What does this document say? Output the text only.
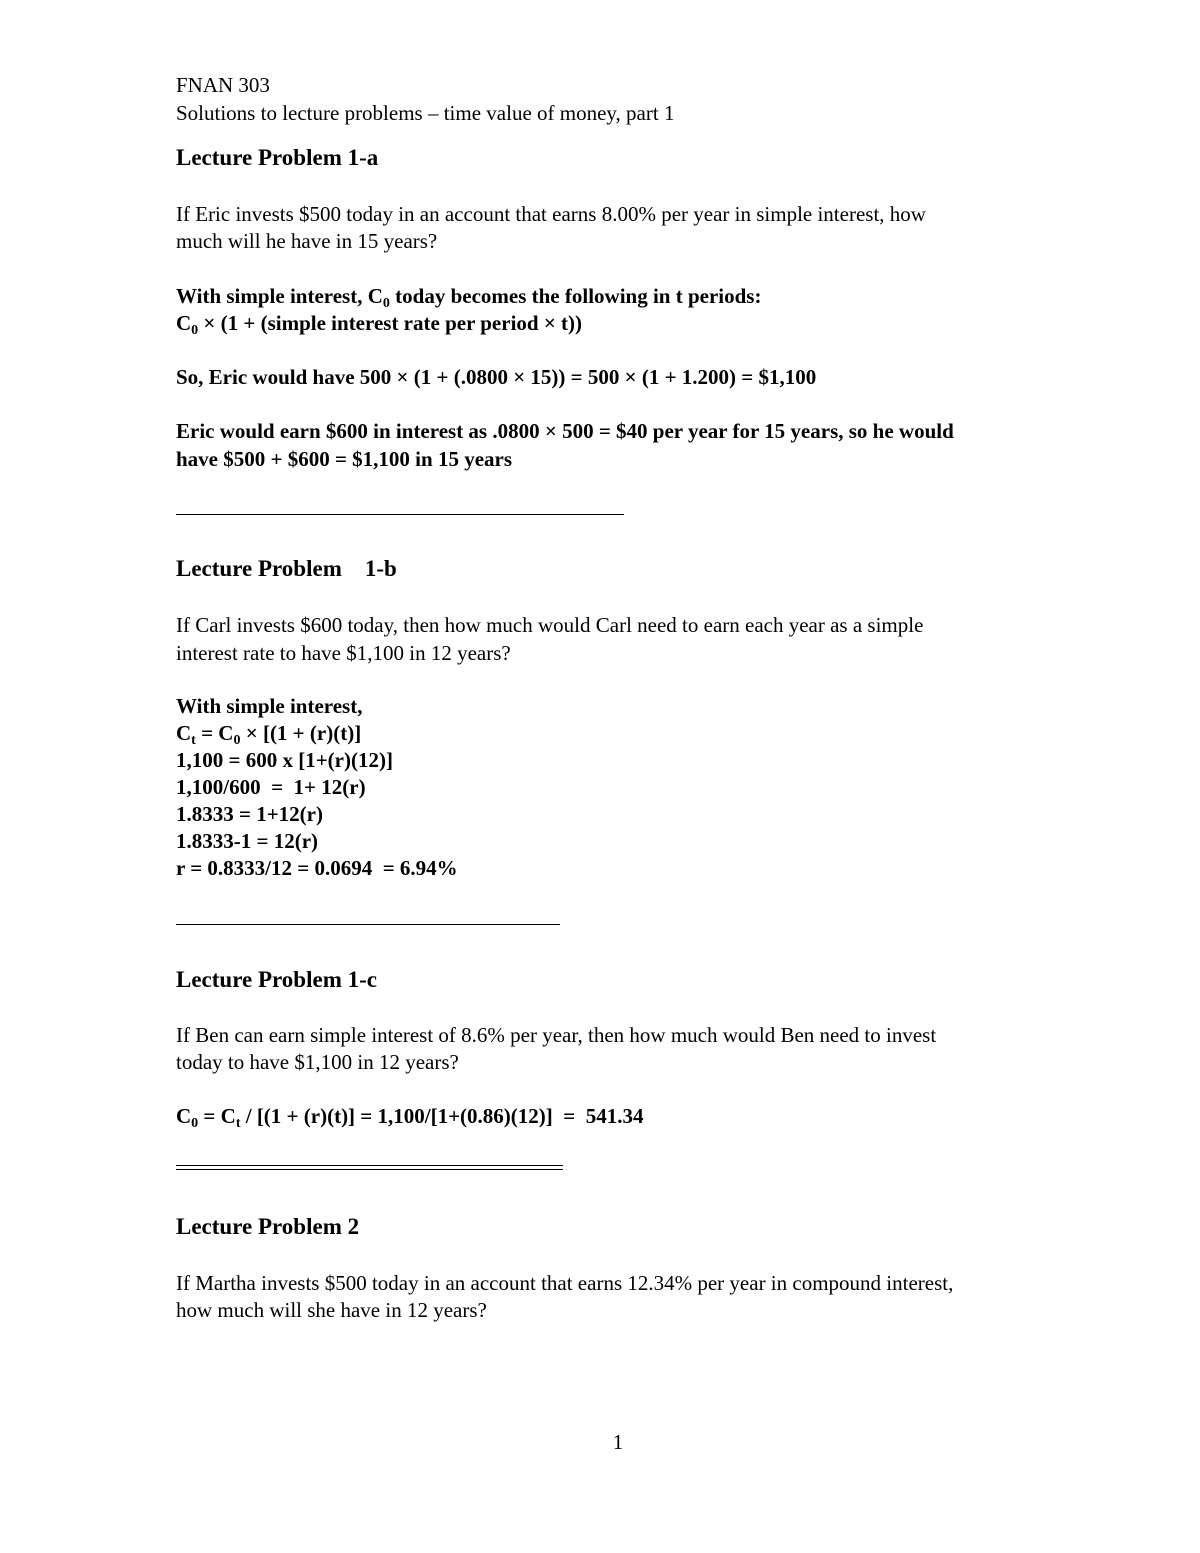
FNAN 303
Solutions to lecture problems – time value of money, part 1
Lecture Problem 1-a
If Eric invests $500 today in an account that earns 8.00% per year in simple interest, how
much will he have in 15 years?
With simple interest, $C_0$ today becomes the following in t periods:
$C_0 \times (1$ + (simple interest rate per period × t))
So, Eric would have 500 × (1 + (.0800 × 15)) = 500 × (1 + 1.200) = $1,100
Eric would earn $600 in interest as .0800 × 500 = $40 per year for 15 years, so he would
have $500 + $600 = $1,100 in 15 years
Lecture Problem    1-b
If Carl invests $600 today, then how much would Carl need to earn each year as a simple
interest rate to have $1,100 in 12 years?
With simple interest,
$C_t = C_0 \times [(1 + (r)(t)]$
1,100 = 600 x [1+(r)(12)]
1,100/600  =  1+ 12(r)
1.8333 = 1+12(r)
1.8333-1 = 12(r)
r = 0.8333/12 = 0.0694  = 6.94%
Lecture Problem 1-c
If Ben can earn simple interest of 8.6% per year, then how much would Ben need to invest
today to have $1,100 in 12 years?
$C_0 = C_t / [(1 + (r)(t)] = 1,100/[1+(0.86)(12)] = 541.34$
Lecture Problem 2
If Martha invests $500 today in an account that earns 12.34% per year in compound interest,
how much will she have in 12 years?
1
